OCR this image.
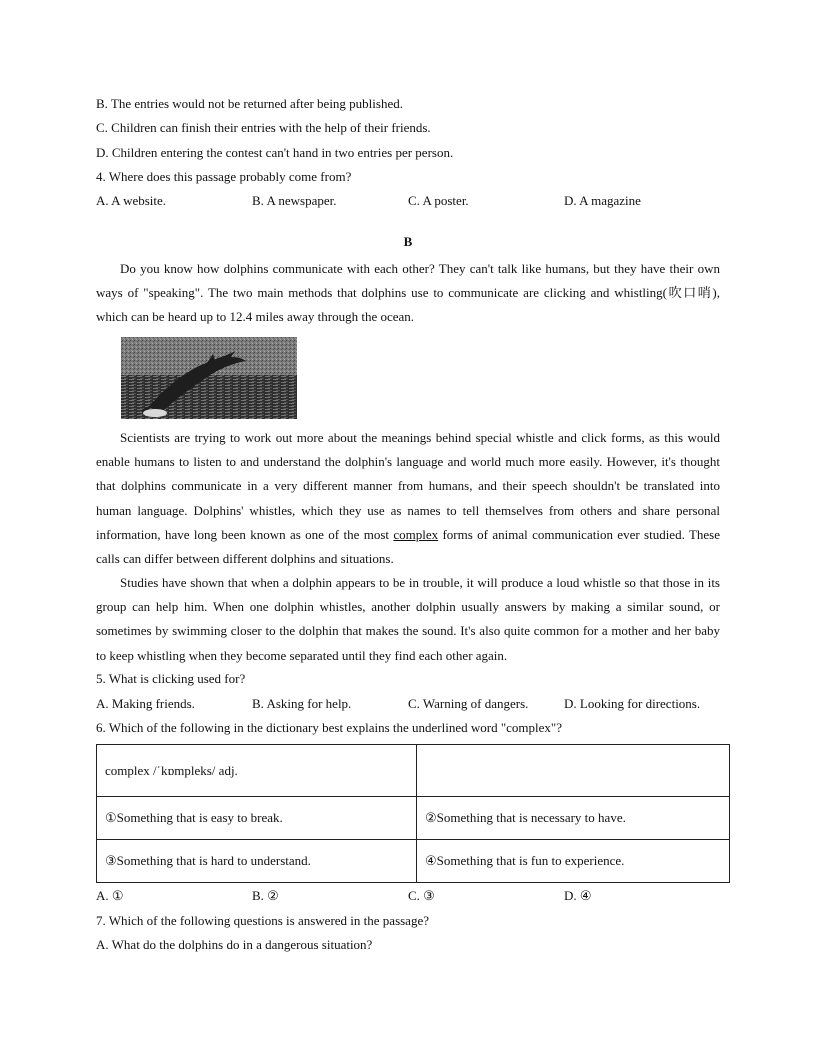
B. The entries would not be returned after being published.
C. Children can finish their entries with the help of their friends.
D. Children entering the contest can't hand in two entries per person.
4. Where does this passage probably come from?
A. A website.	B. A newspaper.	C. A poster.	D. A magazine
B
Do you know how dolphins communicate with each other? They can't talk like humans, but they have their own ways of "speaking". The two main methods that dolphins use to communicate are clicking and whistling(吹口哨), which can be heard up to 12.4 miles away through the ocean.
Scientists are trying to work out more about the meanings behind special whistle and click forms, as this would enable humans to listen to and understand the dolphin's language and world much more easily. However, it's thought that dolphins communicate in a very different manner from humans, and their speech shouldn't be translated into human language. Dolphins' whistles, which they use as names to tell themselves from others and share personal information, have long been known as one of the most complex forms of animal communication ever studied. These calls can differ between different dolphins and situations.
Studies have shown that when a dolphin appears to be in trouble, it will produce a loud whistle so that those in its group can help him. When one dolphin whistles, another dolphin usually answers by making a similar sound, or sometimes by swimming closer to the dolphin that makes the sound. It's also quite common for a mother and her baby to keep whistling when they become separated until they find each other again.
5. What is clicking used for?
A. Making friends.	B. Asking for help.	C. Warning of dangers.	D. Looking for directions.
6. Which of the following in the dictionary best explains the underlined word "complex"?
complex /ˈkɒmpleks/ adj.	
①Something that is easy to break.	②Something that is necessary to have.
③Something that is hard to understand.	④Something that is fun to experience.
A. ①	B. ②	C. ③	D. ④
7. Which of the following questions is answered in the passage?
A. What do the dolphins do in a dangerous situation?
